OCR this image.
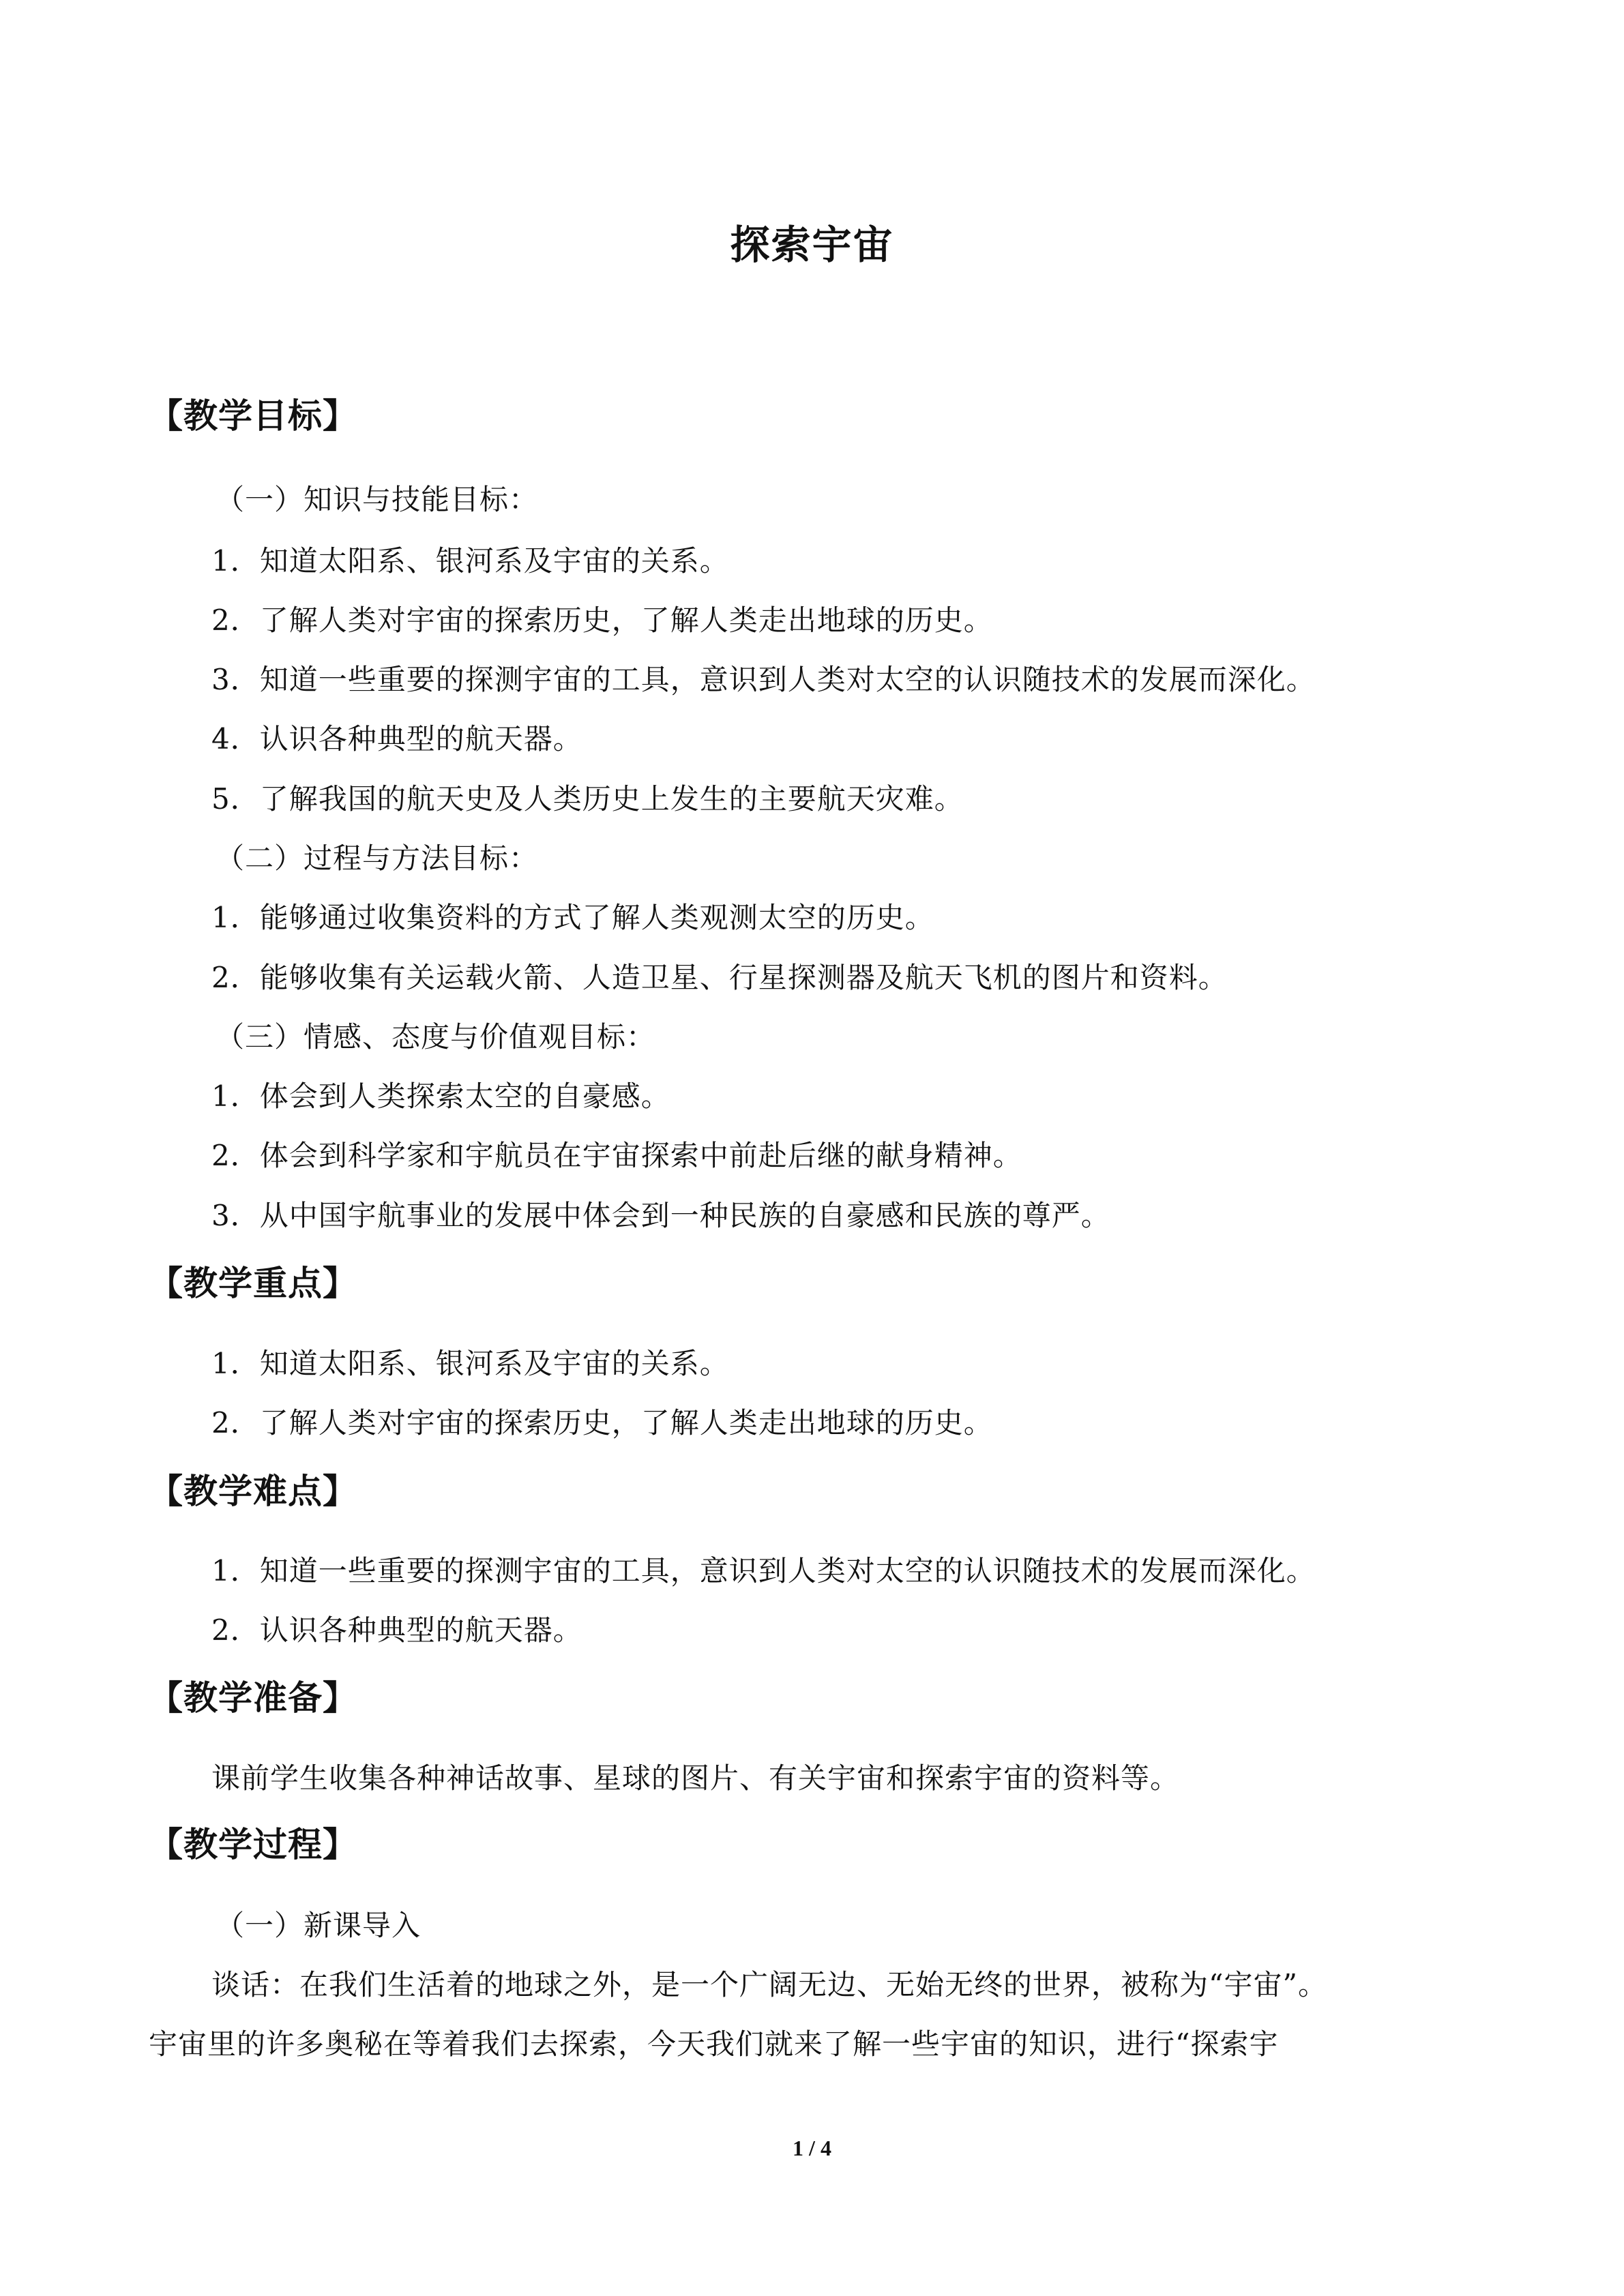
探索宇宙
【教学目标】
（一）知识与技能目标：
1．知道太阳系、银河系及宇宙的关系。
2．了解人类对宇宙的探索历史，了解人类走出地球的历史。
3．知道一些重要的探测宇宙的工具，意识到人类对太空的认识随技术的发展而深化。
4．认识各种典型的航天器。
5．了解我国的航天史及人类历史上发生的主要航天灾难。
（二）过程与方法目标：
1．能够通过收集资料的方式了解人类观测太空的历史。
2．能够收集有关运载火箭、人造卫星、行星探测器及航天飞机的图片和资料。
（三）情感、态度与价值观目标：
1．体会到人类探索太空的自豪感。
2．体会到科学家和宇航员在宇宙探索中前赴后继的献身精神。
3．从中国宇航事业的发展中体会到一种民族的自豪感和民族的尊严。
【教学重点】
1．知道太阳系、银河系及宇宙的关系。
2．了解人类对宇宙的探索历史，了解人类走出地球的历史。
【教学难点】
1．知道一些重要的探测宇宙的工具，意识到人类对太空的认识随技术的发展而深化。
2．认识各种典型的航天器。
【教学准备】
课前学生收集各种神话故事、星球的图片、有关宇宙和探索宇宙的资料等。
【教学过程】
（一）新课导入
谈话：在我们生活着的地球之外，是一个广阔无边、无始无终的世界，被称为“宇宙”。
宇宙里的许多奥秘在等着我们去探索，今天我们就来了解一些宇宙的知识，进行“探索宇
1 / 4
